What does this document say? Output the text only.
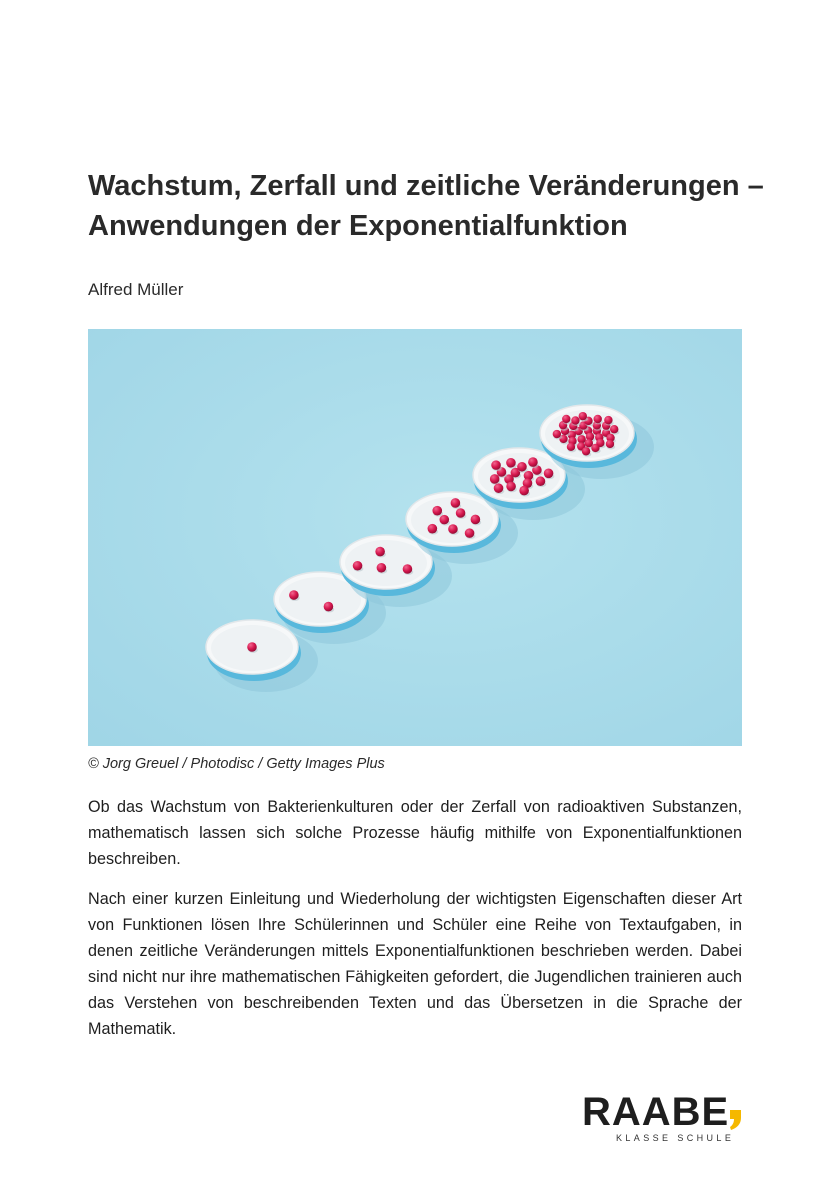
Wachstum, Zerfall und zeitliche Veränderungen –
Anwendungen der Exponentialfunktion

Alfred Müller

© Jorg Greuel / Photodisc / Getty Images Plus

Ob das Wachstum von Bakterienkulturen oder der Zerfall von radioaktiven Substanzen, mathematisch lassen sich solche Prozesse häufig mithilfe von Exponentialfunktionen beschreiben.

Nach einer kurzen Einleitung und Wiederholung der wichtigsten Eigenschaften dieser Art von Funktionen lösen Ihre Schülerinnen und Schüler eine Reihe von Textaufgaben, in denen zeitliche Veränderungen mittels Exponentialfunktionen beschrieben werden. Dabei sind nicht nur ihre mathematischen Fähigkeiten gefordert, die Jugendlichen trainieren auch das Verstehen von beschreibenden Texten und das Übersetzen in die Sprache der Mathematik.

RAABE
KLASSE SCHULE
